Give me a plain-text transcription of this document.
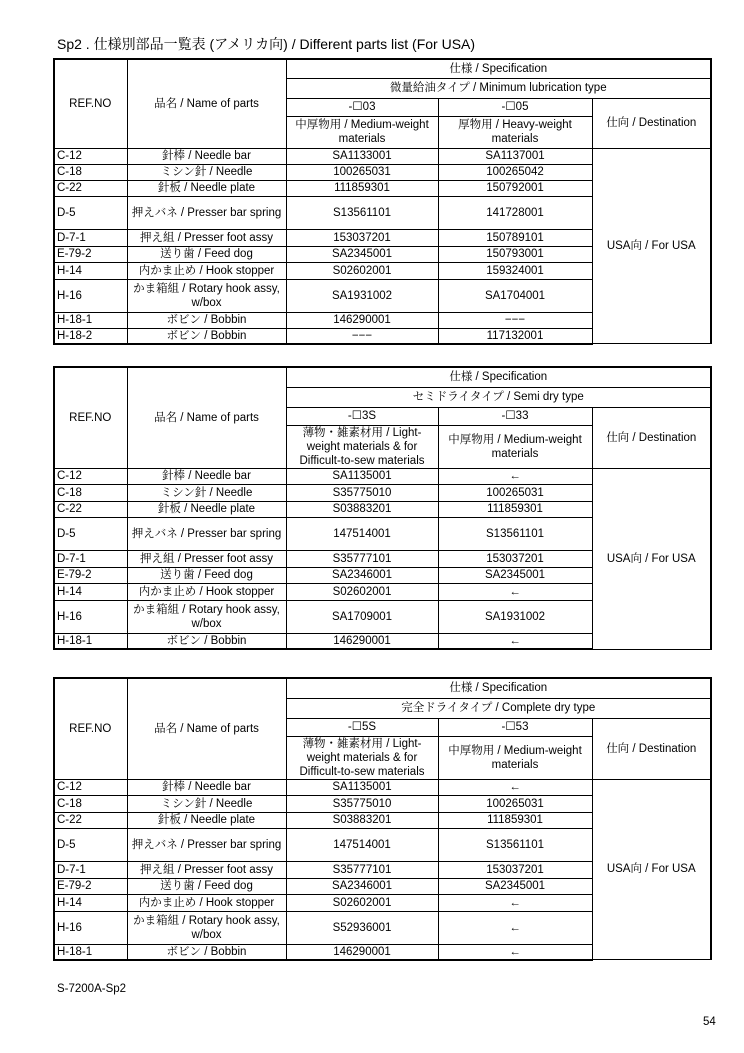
Sp2 . 仕様別部品一覧表 (アメリカ向) / Different parts list (For USA)
REF.NO	品名 / Name of parts	仕様 / Specification		
		微量給油タイプ / Minimum lubrication type		
		-☐03	-☐05	仕向 / Destination
		中厚物用 / Medium-weight materials	厚物用 / Heavy-weight materials	
C-12	針棒 / Needle bar	SA1133001	SA1137001	USA向 / For USA
C-18	ミシン針 / Needle	100265031	100265042	
C-22	針板 / Needle plate	111859301	150792001	
D-5	押えバネ / Presser bar spring	S13561101	141728001	
D-7-1	押え組 / Presser foot assy	153037201	150789101	
E-79-2	送り歯 / Feed dog	SA2345001	150793001	
H-14	内かま止め / Hook stopper	S02602001	159324001	
H-16	かま箱組 / Rotary hook assy, w/box	SA1931002	SA1704001	
H-18-1	ボビン / Bobbin	146290001	−−−	
H-18-2	ボビン / Bobbin	−−−	117132001	
REF.NO	品名 / Name of parts	仕様 / Specification		
		セミドライタイプ / Semi dry type		
		-☐3S	-☐33	仕向 / Destination
		薄物・雑素材用 / Light-weight materials & for Difficult-to-sew materials	中厚物用 / Medium-weight materials	
C-12	針棒 / Needle bar	SA1135001	←	USA向 / For USA
C-18	ミシン針 / Needle	S35775010	100265031	
C-22	針板 / Needle plate	S03883201	111859301	
D-5	押えバネ / Presser bar spring	147514001	S13561101	
D-7-1	押え組 / Presser foot assy	S35777101	153037201	
E-79-2	送り歯 / Feed dog	SA2346001	SA2345001	
H-14	内かま止め / Hook stopper	S02602001	←	
H-16	かま箱組 / Rotary hook assy, w/box	SA1709001	SA1931002	
H-18-1	ボビン / Bobbin	146290001	←	
REF.NO	品名 / Name of parts	仕様 / Specification		
		完全ドライタイプ / Complete dry type		
		-☐5S	-☐53	仕向 / Destination
		薄物・雑素材用 / Light-weight materials & for Difficult-to-sew materials	中厚物用 / Medium-weight materials	
C-12	針棒 / Needle bar	SA1135001	←	USA向 / For USA
C-18	ミシン針 / Needle	S35775010	100265031	
C-22	針板 / Needle plate	S03883201	111859301	
D-5	押えバネ / Presser bar spring	147514001	S13561101	
D-7-1	押え組 / Presser foot assy	S35777101	153037201	
E-79-2	送り歯 / Feed dog	SA2346001	SA2345001	
H-14	内かま止め / Hook stopper	S02602001	←	
H-16	かま箱組 / Rotary hook assy, w/box	S52936001	←	
H-18-1	ボビン / Bobbin	146290001	←	
S-7200A-Sp2
54
